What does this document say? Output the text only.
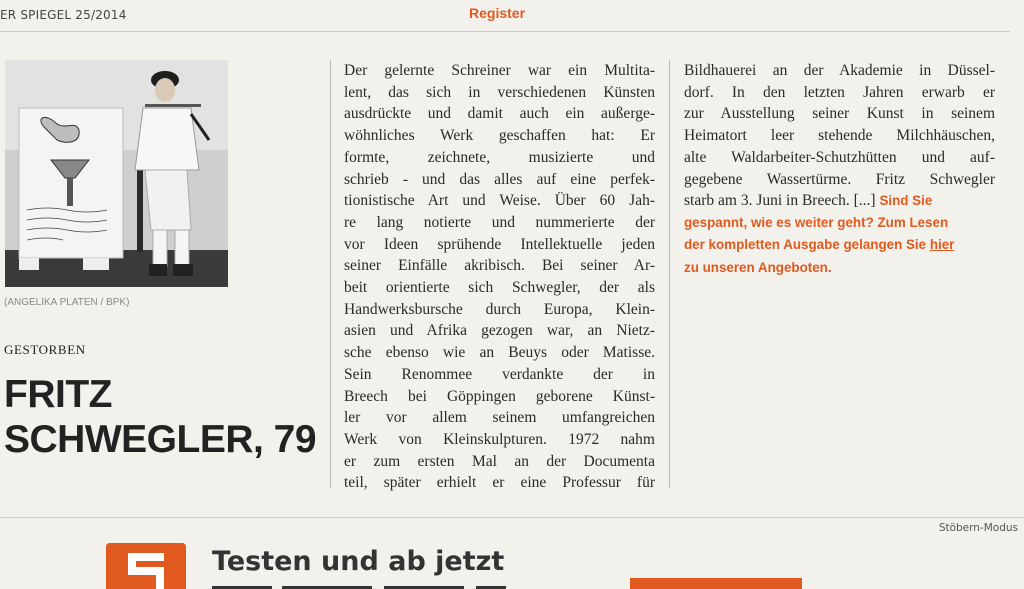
ER SPIEGEL 25/2014	Register
(ANGELIKA PLATEN / BPK)
GESTORBEN
FRITZ
SCHWEGLER, 79
Der gelernte Schreiner war ein Multita-
lent, das sich in verschiedenen Künsten
ausdrückte und damit auch ein außerge-
wöhnliches Werk geschaffen hat: Er
formte, zeichnete, musizierte und
schrieb - und das alles auf eine perfek-
tionistische Art und Weise. Über 60 Jah-
re lang notierte und nummerierte der
vor Ideen sprühende Intellektuelle jeden
seiner Einfälle akribisch. Bei seiner Ar-
beit orientierte sich Schwegler, der als
Handwerksbursche durch Europa, Klein-
asien und Afrika gezogen war, an Nietz-
sche ebenso wie an Beuys oder Matisse.
Sein Renommee verdankte der in
Breech bei Göppingen geborene Künst-
ler vor allem seinem umfangreichen
Werk von Kleinskulpturen. 1972 nahm
er zum ersten Mal an der Documenta
teil, später erhielt er eine Professur für
Bildhauerei an der Akademie in Düssel-
dorf. In den letzten Jahren erwarb er
zur Ausstellung seiner Kunst in seinem
Heimatort leer stehende Milchhäuschen,
alte Waldarbeiter-Schutzhütten und auf-
gegebene Wassertürme. Fritz Schwegler
starb am 3. Juni in Breech. [...] Sind Sie
gespannt, wie es weiter geht? Zum Lesen
der kompletten Ausgabe gelangen Sie hier
zu unseren Angeboten.
Stöbern-Modus
Testen und ab jetzt
